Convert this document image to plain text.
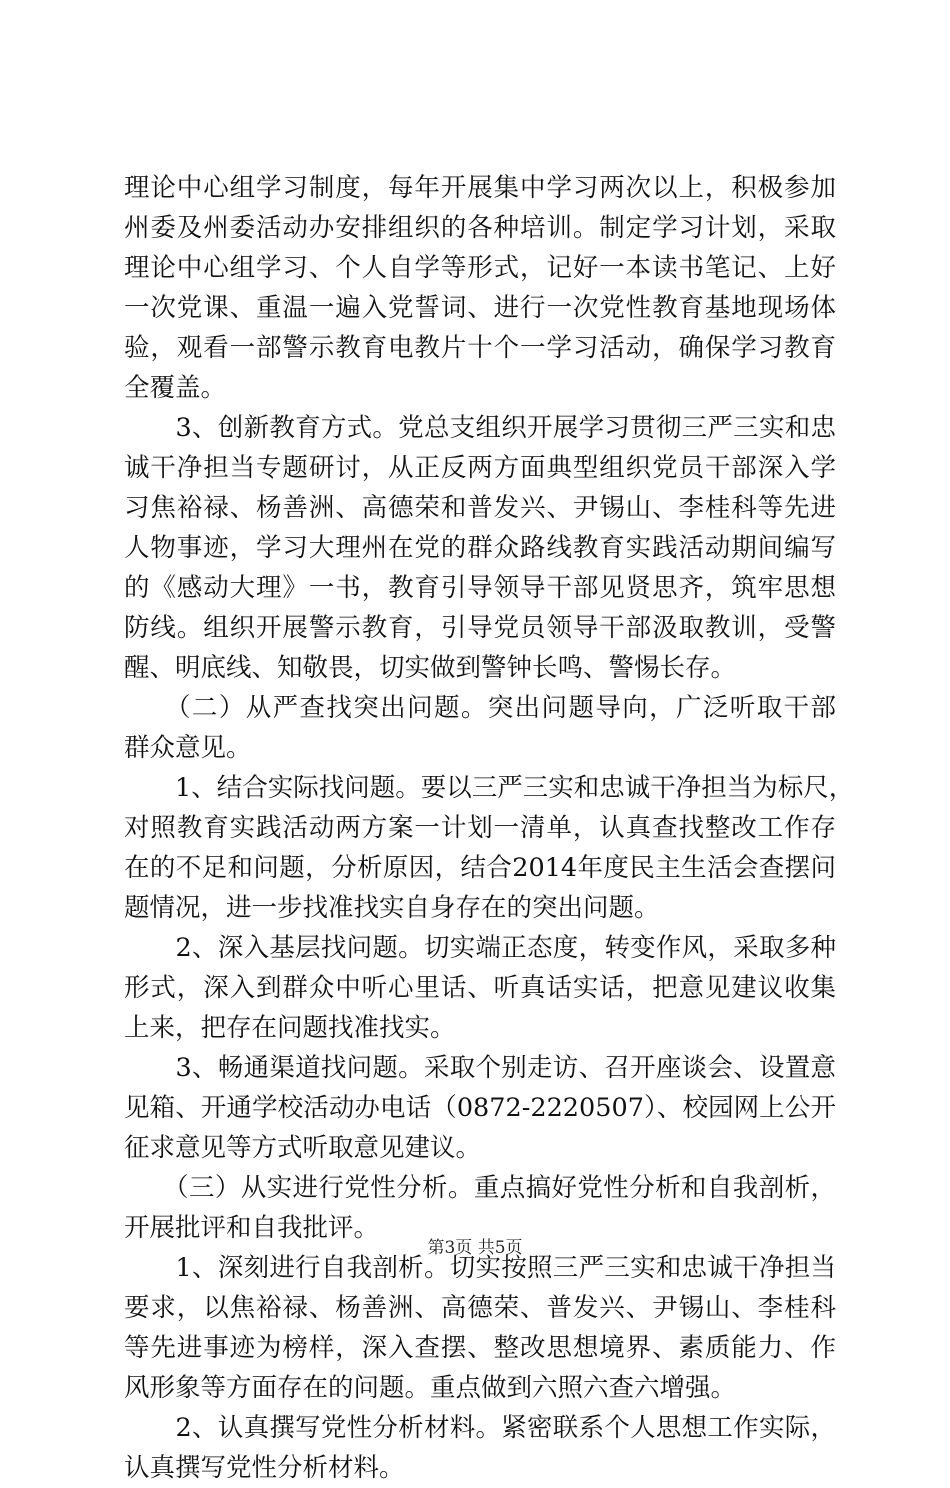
理论中心组学习制度，每年开展集中学习两次以上，积极参加
州委及州委活动办安排组织的各种培训。制定学习计划，采取
理论中心组学习、个人自学等形式，记好一本读书笔记、上好
一次党课、重温一遍入党誓词、进行一次党性教育基地现场体
验，观看一部警示教育电教片十个一学习活动，确保学习教育
全覆盖。
　　3、创新教育方式。党总支组织开展学习贯彻三严三实和忠
诚干净担当专题研讨，从正反两方面典型组织党员干部深入学
习焦裕禄、杨善洲、高德荣和普发兴、尹锡山、李桂科等先进
人物事迹，学习大理州在党的群众路线教育实践活动期间编写
的《感动大理》一书，教育引导领导干部见贤思齐，筑牢思想
防线。组织开展警示教育，引导党员领导干部汲取教训，受警
醒、明底线、知敬畏，切实做到警钟长鸣、警惕长存。
　　（二）从严查找突出问题。突出问题导向，广泛听取干部
群众意见。
　　1、结合实际找问题。要以三严三实和忠诚干净担当为标尺，
对照教育实践活动两方案一计划一清单，认真查找整改工作存
在的不足和问题，分析原因，结合2014年度民主生活会查摆问
题情况，进一步找准找实自身存在的突出问题。
　　2、深入基层找问题。切实端正态度，转变作风，采取多种
形式，深入到群众中听心里话、听真话实话，把意见建议收集
上来，把存在问题找准找实。
　　3、畅通渠道找问题。采取个别走访、召开座谈会、设置意
见箱、开通学校活动办电话（0872-2220507）、校园网上公开
征求意见等方式听取意见建议。
　　（三）从实进行党性分析。重点搞好党性分析和自我剖析，
开展批评和自我批评。
　　1、深刻进行自我剖析。切实按照三严三实和忠诚干净担当
要求，以焦裕禄、杨善洲、高德荣、普发兴、尹锡山、李桂科
等先进事迹为榜样，深入查摆、整改思想境界、素质能力、作
风形象等方面存在的问题。重点做到六照六查六增强。
　　2、认真撰写党性分析材料。紧密联系个人思想工作实际，
认真撰写党性分析材料。
第3页 共5页
